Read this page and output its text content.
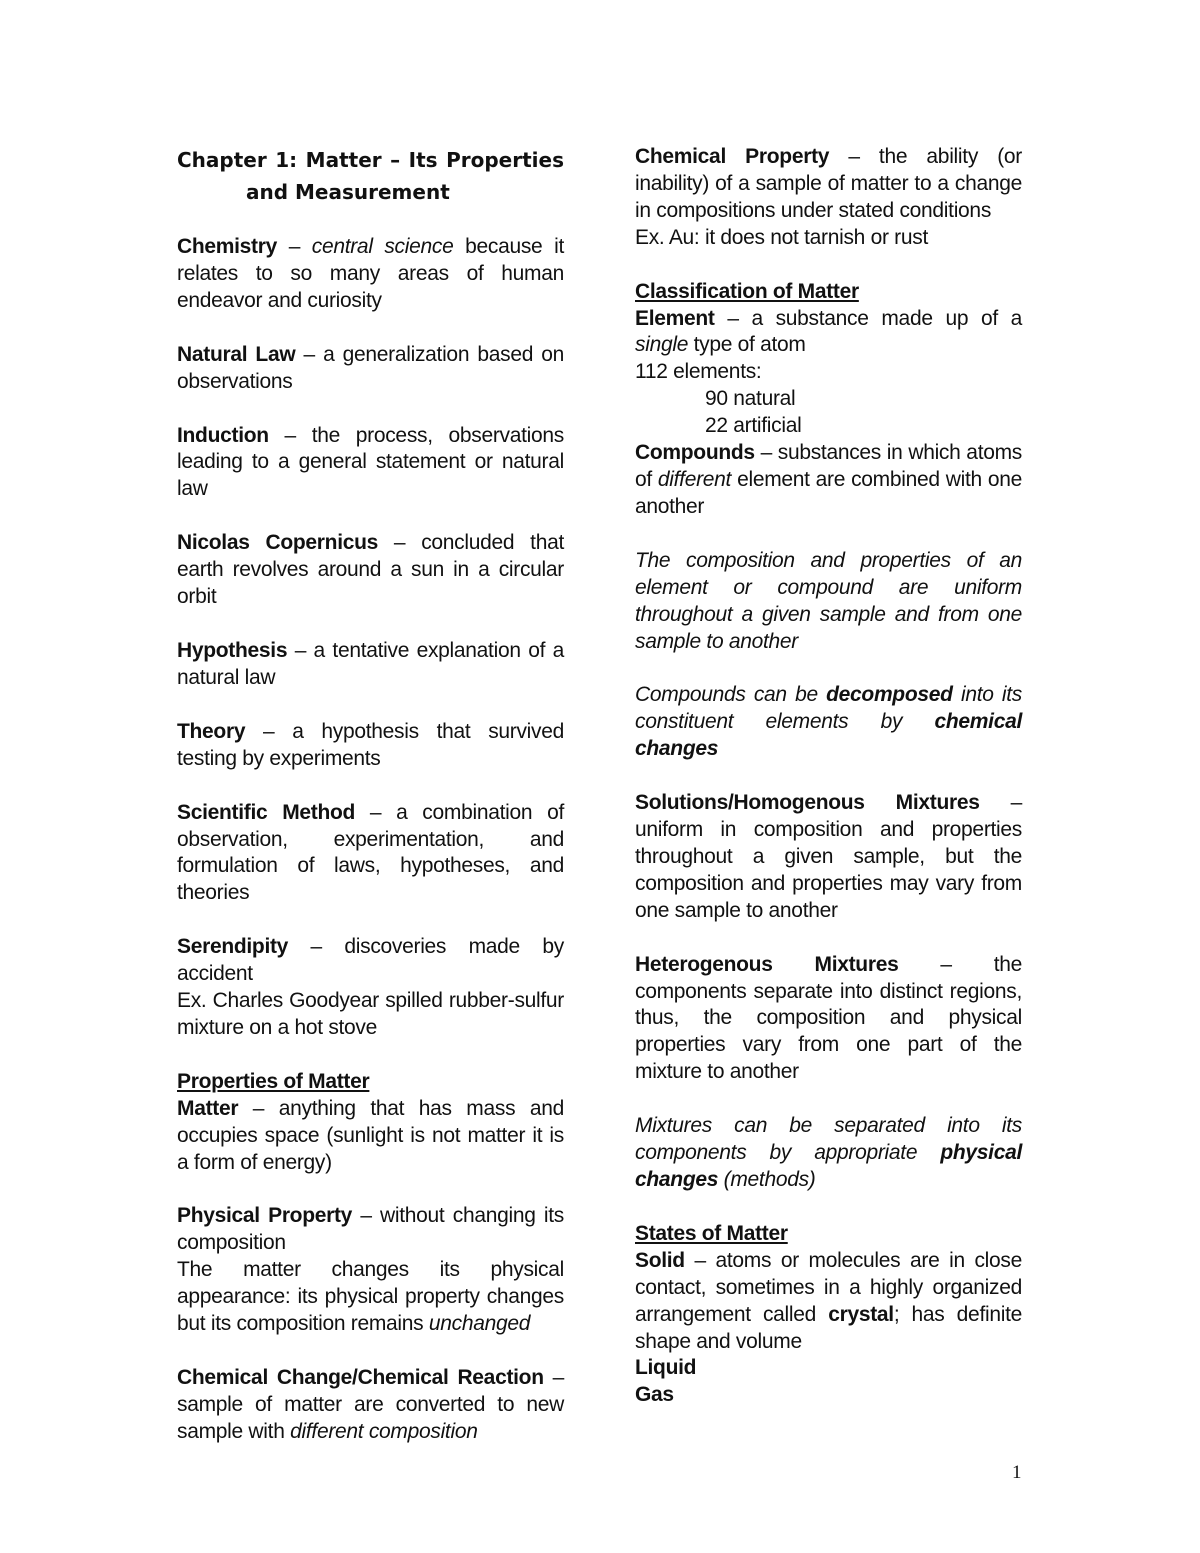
Chapter 1: Matter – Its Properties
and Measurement

Chemistry – central science because it relates to so many areas of human endeavor and curiosity

Natural Law – a generalization based on observations

Induction – the process, observations leading to a general statement or natural law

Nicolas Copernicus – concluded that earth revolves around a sun in a circular orbit

Hypothesis – a tentative explanation of a natural law

Theory – a hypothesis that survived testing by experiments

Scientific Method – a combination of observation, experimentation, and formulation of laws, hypotheses, and theories

Serendipity – discoveries made by accident

Ex. Charles Goodyear spilled rubber-sulfur mixture on a hot stove

Properties of Matter

Matter – anything that has mass and occupies space (sunlight is not matter it is a form of energy)

Physical Property – without changing its composition

The matter changes its physical appearance: its physical property changes but its composition remains unchanged

Chemical Change/Chemical Reaction – sample of matter are converted to new sample with different composition

Chemical Property – the ability (or inability) of a sample of matter to a change in compositions under stated conditions

Ex. Au: it does not tarnish or rust

Classification of Matter

Element – a substance made up of a single type of atom

112 elements:

90 natural

22 artificial

Compounds – substances in which atoms of different element are combined with one another

The composition and properties of an element or compound are uniform throughout a given sample and from one sample to another

Compounds can be decomposed into its constituent elements by chemical changes

Solutions/Homogenous Mixtures – uniform in composition and properties throughout a given sample, but the composition and properties may vary from one sample to another

Heterogenous Mixtures – the components separate into distinct regions, thus, the composition and physical properties vary from one part of the mixture to another

Mixtures can be separated into its components by appropriate physical changes (methods)

States of Matter

Solid – atoms or molecules are in close contact, sometimes in a highly organized arrangement called crystal; has definite shape and volume

Liquid

Gas

1
